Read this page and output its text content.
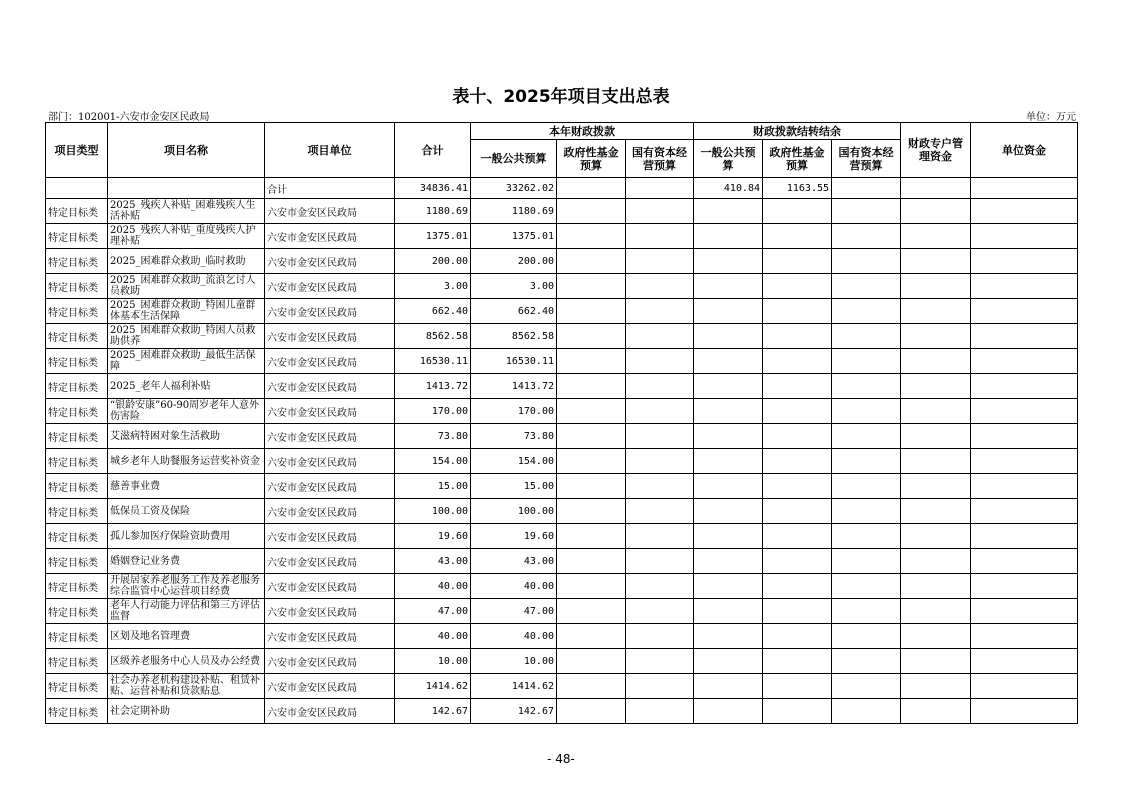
表十、2025年项目支出总表
部门：102001-六安市金安区民政局	单位：万元
项目类型	项目名称	项目单位	合计	本年财政拨款			财政拨款结转结余			财政专户管理资金	单位资金
				一般公共预算	政府性基金预算	国有资本经营预算	一般公共预算	政府性基金预算	国有资本经营预算		
		合计	34836.41	33262.02			410.84	1163.55			
特定目标类	2025_残疾人补贴_困难残疾人生活补贴	六安市金安区民政局	1180.69	1180.69							
特定目标类	2025_残疾人补贴_重度残疾人护理补贴	六安市金安区民政局	1375.01	1375.01							
特定目标类	2025_困难群众救助_临时救助	六安市金安区民政局	200.00	200.00							
特定目标类	2025_困难群众救助_流浪乞讨人员救助	六安市金安区民政局	3.00	3.00							
特定目标类	2025_困难群众救助_特困儿童群体基本生活保障	六安市金安区民政局	662.40	662.40							
特定目标类	2025_困难群众救助_特困人员救助供养	六安市金安区民政局	8562.58	8562.58							
特定目标类	2025_困难群众救助_最低生活保障	六安市金安区民政局	16530.11	16530.11							
特定目标类	2025_老年人福利补贴	六安市金安区民政局	1413.72	1413.72							
特定目标类	“银龄安康”60-90周岁老年人意外伤害险	六安市金安区民政局	170.00	170.00							
特定目标类	艾滋病特困对象生活救助	六安市金安区民政局	73.80	73.80							
特定目标类	城乡老年人助餐服务运营奖补资金	六安市金安区民政局	154.00	154.00							
特定目标类	慈善事业费	六安市金安区民政局	15.00	15.00							
特定目标类	低保员工资及保险	六安市金安区民政局	100.00	100.00							
特定目标类	孤儿参加医疗保险资助费用	六安市金安区民政局	19.60	19.60							
特定目标类	婚姻登记业务费	六安市金安区民政局	43.00	43.00							
特定目标类	开展居家养老服务工作及养老服务综合监管中心运营项目经费	六安市金安区民政局	40.00	40.00							
特定目标类	老年人行动能力评估和第三方评估监督	六安市金安区民政局	47.00	47.00							
特定目标类	区划及地名管理费	六安市金安区民政局	40.00	40.00							
特定目标类	区级养老服务中心人员及办公经费	六安市金安区民政局	10.00	10.00							
特定目标类	社会办养老机构建设补贴、租赁补贴、运营补贴和贷款贴息	六安市金安区民政局	1414.62	1414.62							
特定目标类	社会定期补助	六安市金安区民政局	142.67	142.67							
- 48-
